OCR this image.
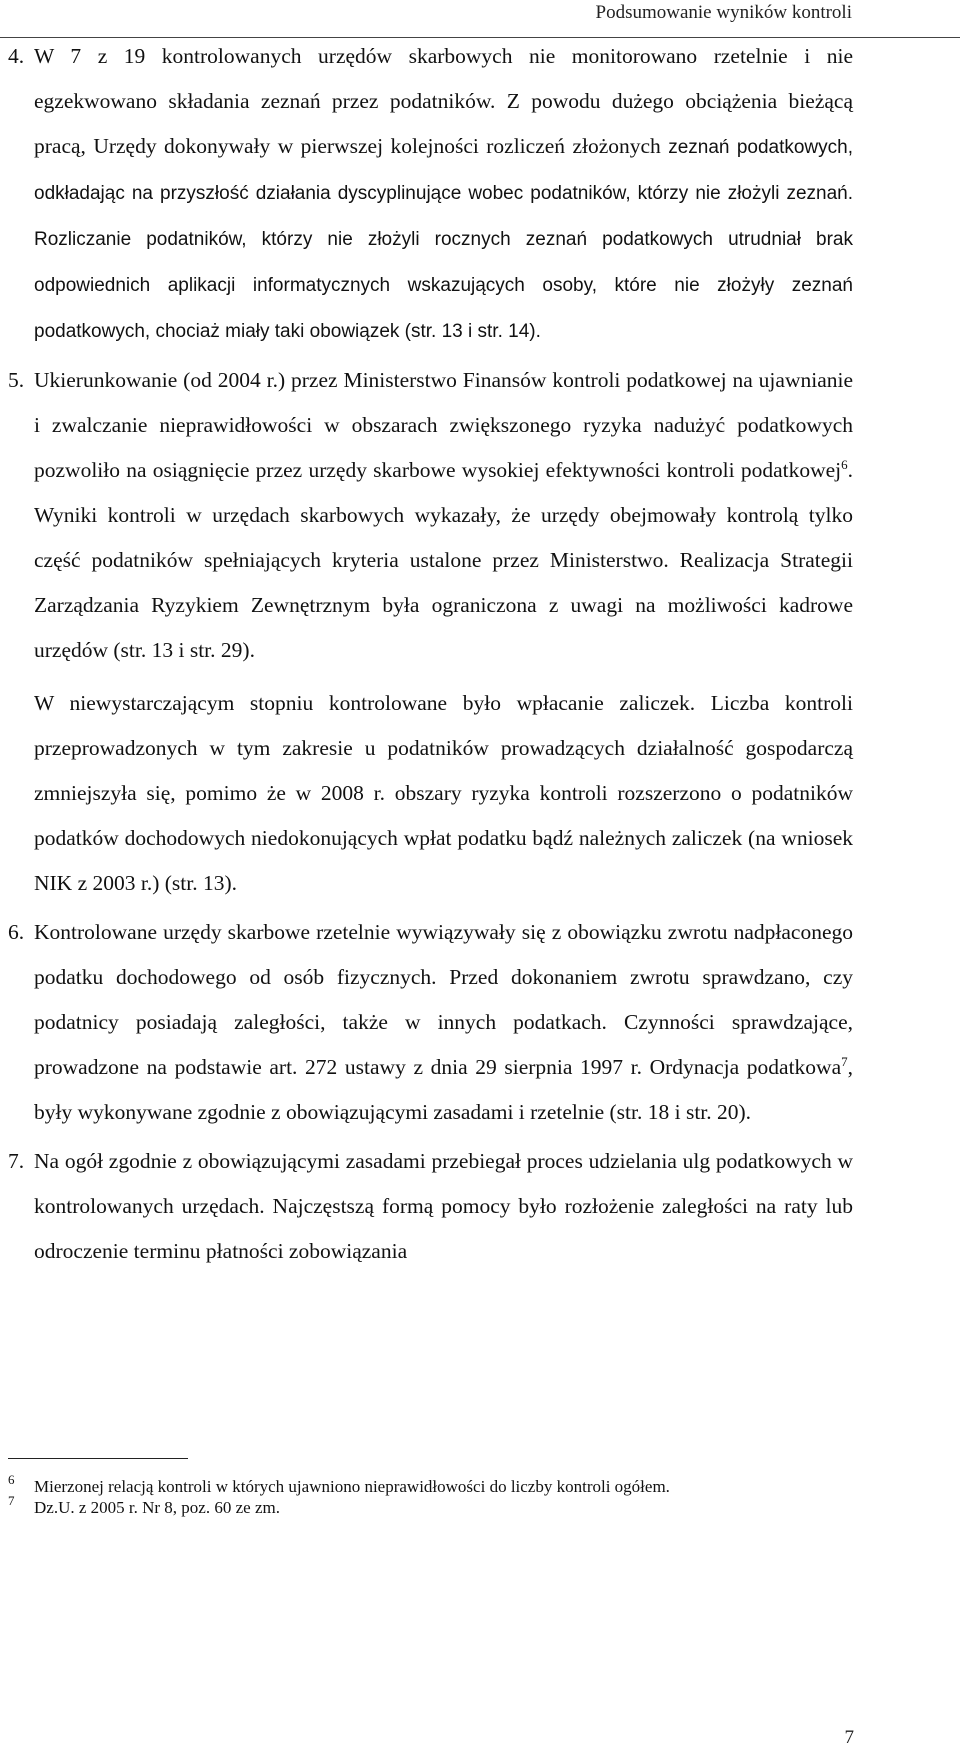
Podsumowanie wyników kontroli
4. W 7 z 19 kontrolowanych urzędów skarbowych nie monitorowano rzetelnie i nie egzekwowano składania zeznań przez podatników. Z powodu dużego obciążenia bieżącą pracą, Urzędy dokonywały w pierwszej kolejności rozliczeń złożonych zeznań podatkowych, odkładając na przyszłość działania dyscyplinujące wobec podatników, którzy nie złożyli zeznań. Rozliczanie podatników, którzy nie złożyli rocznych zeznań podatkowych utrudniał brak odpowiednich aplikacji informatycznych wskazujących osoby, które nie złożyły zeznań podatkowych, chociaż miały taki obowiązek (str. 13 i str. 14).
5. Ukierunkowanie (od 2004 r.) przez Ministerstwo Finansów kontroli podatkowej na ujawnianie i zwalczanie nieprawidłowości w obszarach zwiększonego ryzyka nadużyć podatkowych pozwoliło na osiągnięcie przez urzędy skarbowe wysokiej efektywności kontroli podatkowej$^6$. Wyniki kontroli w urzędach skarbowych wykazały, że urzędy obejmowały kontrolą tylko część podatników spełniających kryteria ustalone przez Ministerstwo. Realizacja Strategii Zarządzania Ryzykiem Zewnętrznym była ograniczona z uwagi na możliwości kadrowe urzędów (str. 13 i str. 29).
W niewystarczającym stopniu kontrolowane było wpłacanie zaliczek. Liczba kontroli przeprowadzonych w tym zakresie u podatników prowadzących działalność gospodarczą zmniejszyła się, pomimo że w 2008 r. obszary ryzyka kontroli rozszerzono o podatników podatków dochodowych niedokonujących wpłat podatku bądź należnych zaliczek (na wniosek NIK z 2003 r.) (str. 13).
6. Kontrolowane urzędy skarbowe rzetelnie wywiązywały się z obowiązku zwrotu nadpłaconego podatku dochodowego od osób fizycznych. Przed dokonaniem zwrotu sprawdzano, czy podatnicy posiadają zaległości, także w innych podatkach. Czynności sprawdzające, prowadzone na podstawie art. 272 ustawy z dnia 29 sierpnia 1997 r. Ordynacja podatkowa$^7$, były wykonywane zgodnie z obowiązującymi zasadami i rzetelnie (str. 18 i str. 20).
7. Na ogół zgodnie z obowiązującymi zasadami przebiegał proces udzielania ulg podatkowych w kontrolowanych urzędach. Najczęstszą formą pomocy było rozłożenie zaległości na raty lub odroczenie terminu płatności zobowiązania
6 Mierzonej relacją kontroli w których ujawniono nieprawidłowości do liczby kontroli ogółem.
7 Dz.U. z 2005 r. Nr 8, poz. 60 ze zm.
7
